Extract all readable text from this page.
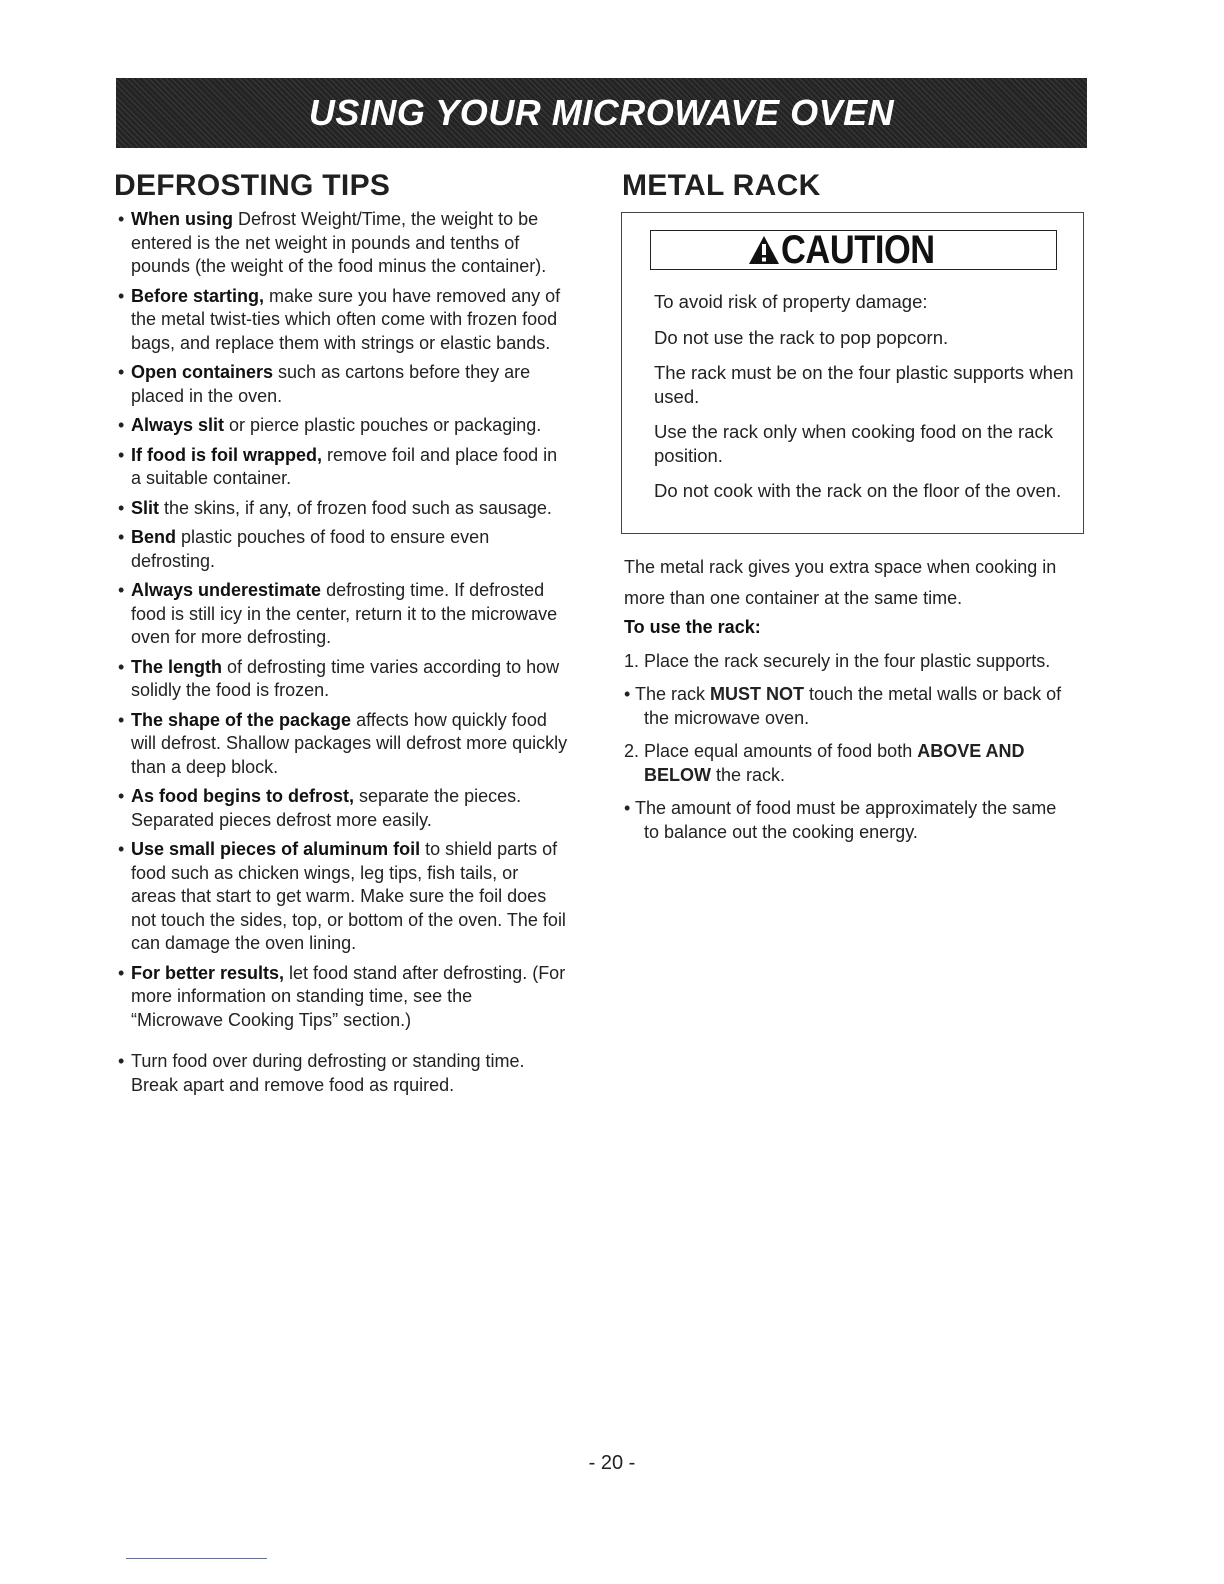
USING YOUR MICROWAVE OVEN
DEFROSTING TIPS	METAL RACK
• When using Defrost Weight/Time, the weight to be entered is the net weight in pounds and tenths of pounds (the weight of the food minus the container).
• Before starting, make sure you have removed any of the metal twist-ties which often come with frozen food bags, and replace them with strings or elastic bands.
• Open containers such as cartons before they are placed in the oven.
• Always slit or pierce plastic pouches or packaging.
• If food is foil wrapped, remove foil and place food in a suitable container.
• Slit the skins, if any, of frozen food such as sausage.
• Bend plastic pouches of food to ensure even defrosting.
• Always underestimate defrosting time. If defrosted food is still icy in the center, return it to the microwave oven for more defrosting.
• The length of defrosting time varies according to how solidly the food is frozen.
• The shape of the package affects how quickly food will defrost. Shallow packages will defrost more quickly than a deep block.
• As food begins to defrost, separate the pieces. Separated pieces defrost more easily.
• Use small pieces of aluminum foil to shield parts of food such as chicken wings, leg tips, fish tails, or areas that start to get warm. Make sure the foil does not touch the sides, top, or bottom of the oven. The foil can damage the oven lining.
• For better results, let food stand after defrosting. (For more information on standing time, see the “Microwave Cooking Tips” section.)
• Turn food over during defrosting or standing time. Break apart and remove food as rquired.
CAUTION

To avoid risk of property damage:

Do not use the rack to pop popcorn.

The rack must be on the four plastic supports when used.

Use the rack only when cooking food on the rack position.

Do not cook with the rack on the floor of the oven.

The metal rack gives you extra space when cooking in more than one container at the same time.

To use the rack:

1. Place the rack securely in the four plastic supports.

• The rack MUST NOT touch the metal walls or back of the microwave oven.

2. Place equal amounts of food both ABOVE AND BELOW the rack.

• The amount of food must be approximately the same to balance out the cooking energy.

- 20 -
